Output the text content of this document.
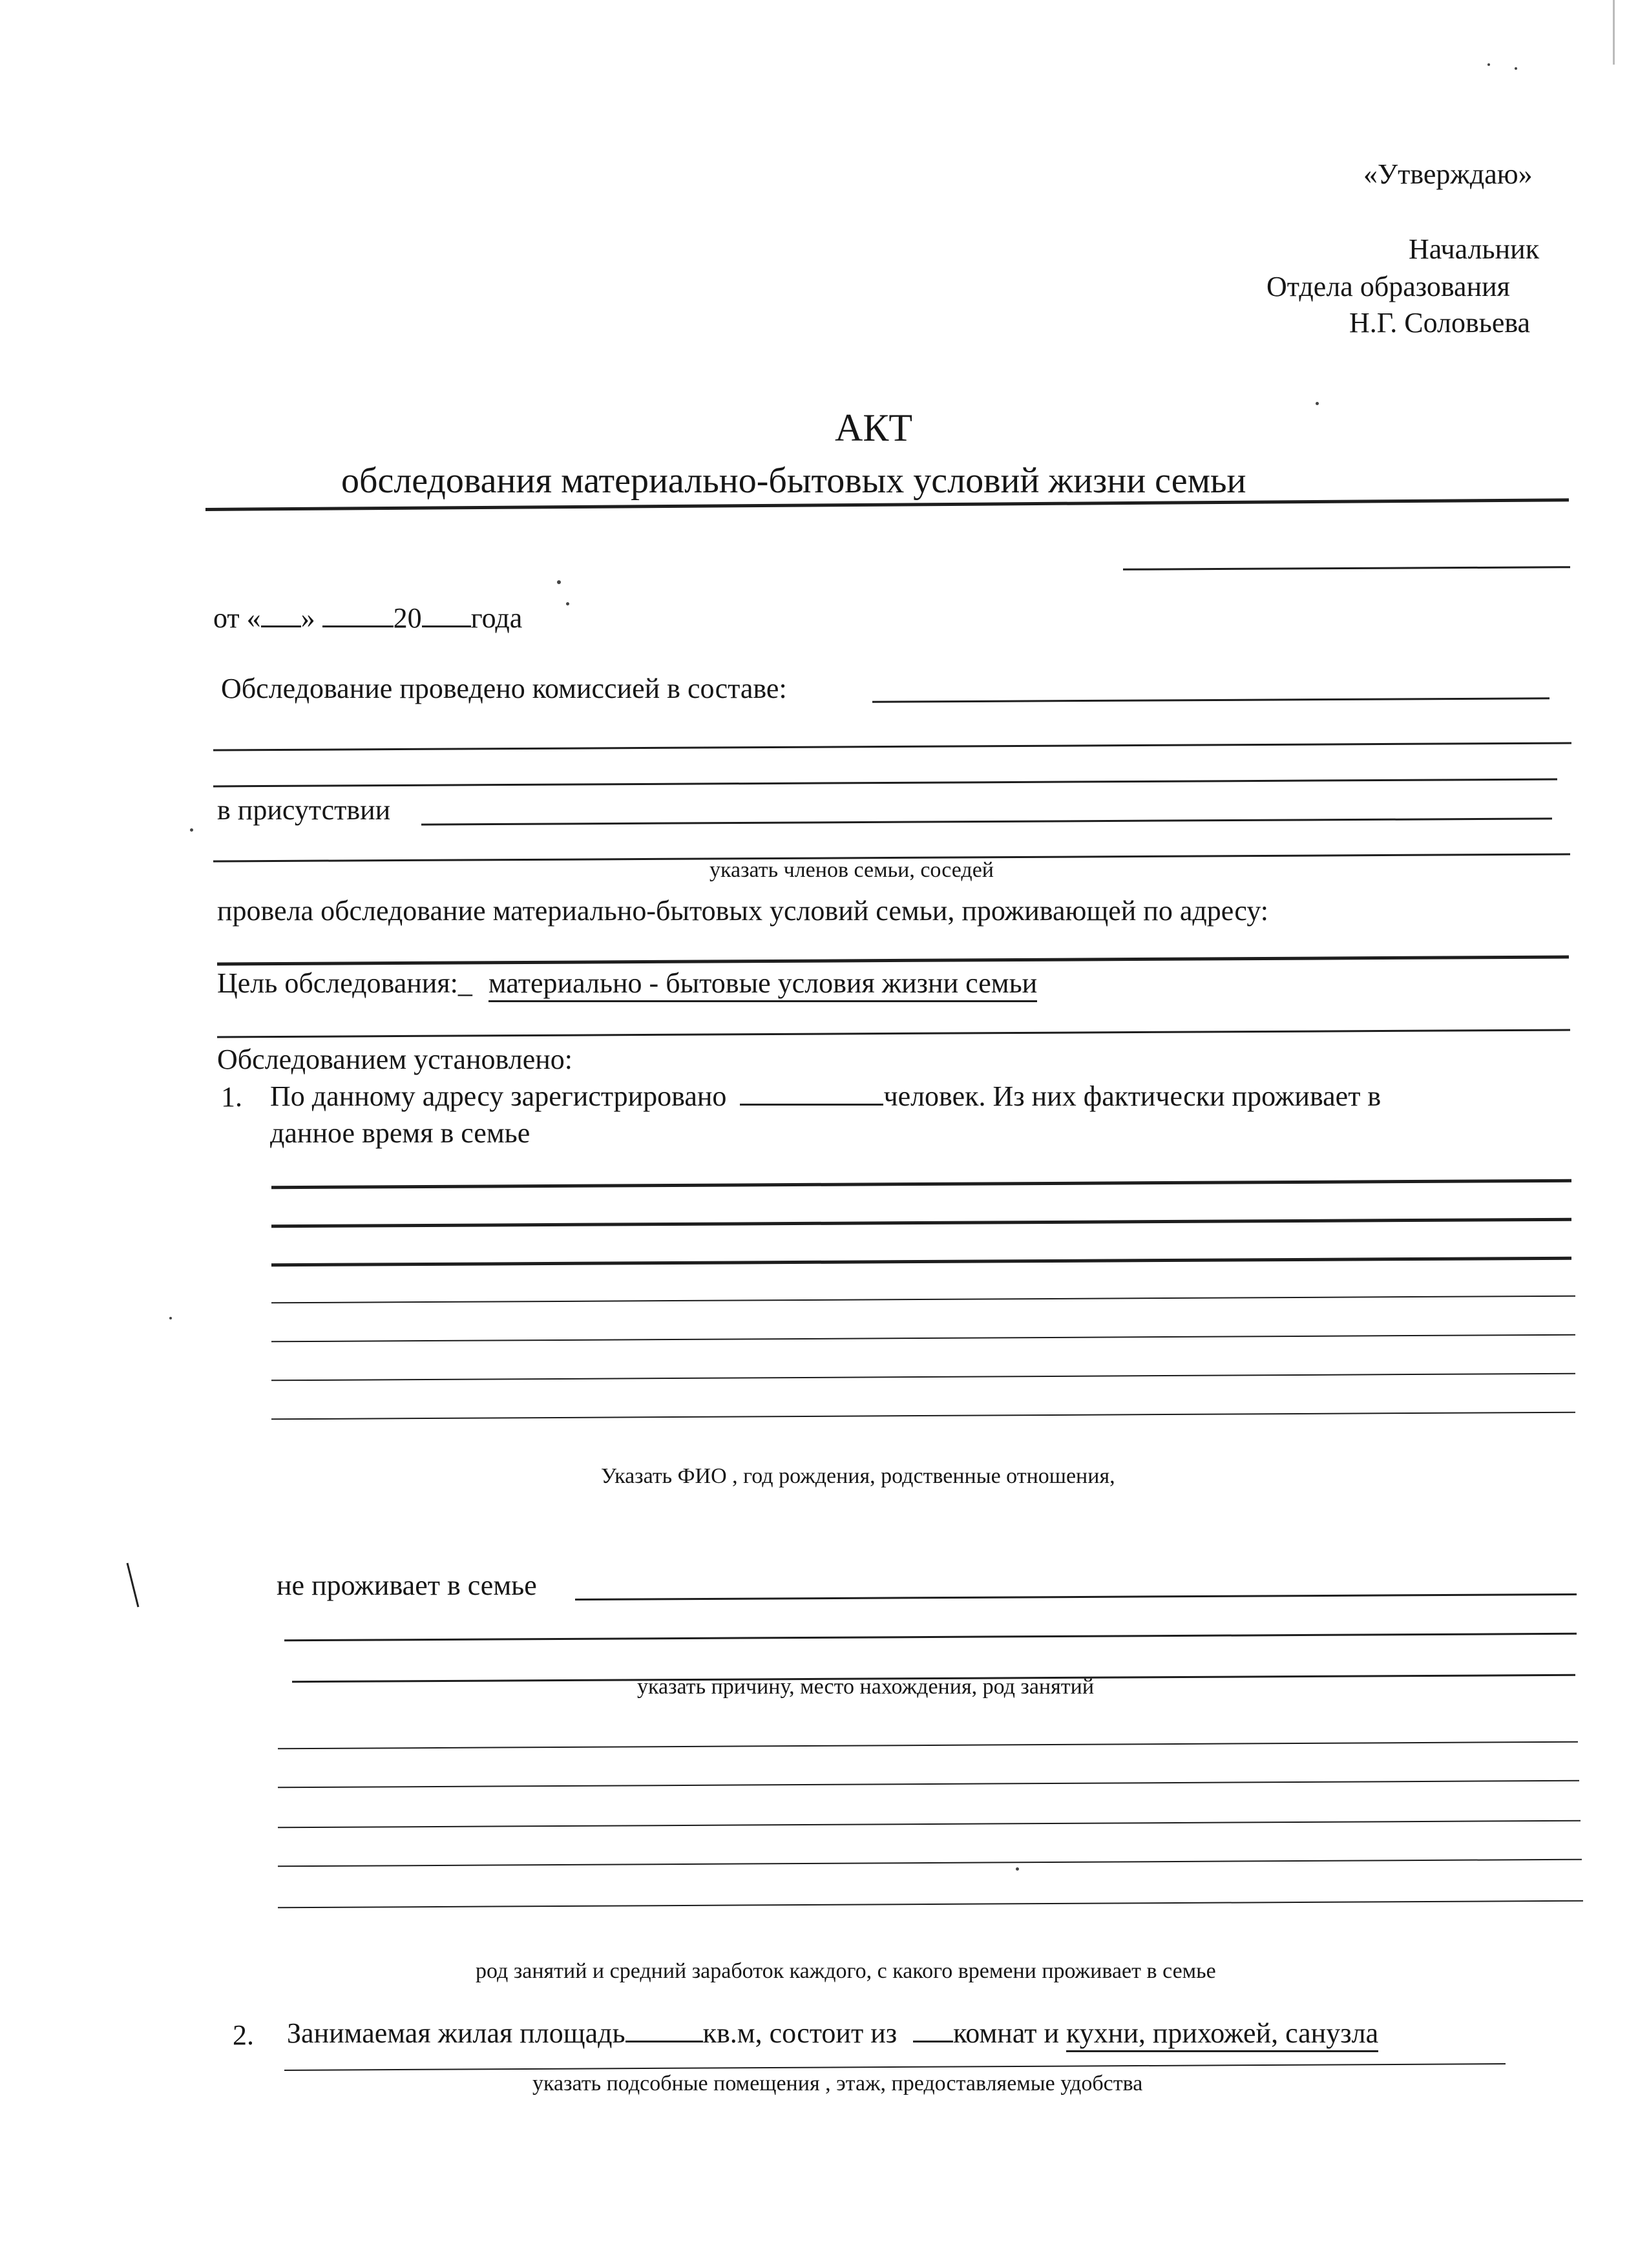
«Утверждаю»
Начальник
Отдела образования
Н.Г. Соловьева
АКТ
обследования материально-бытовых условий жизни семьи
от « »	20 года
Обследование проведено комиссией в составе:
в присутствии
указать членов семьи, соседей
провела обследование материально-бытовых условий семьи, проживающей по адресу:
Цель обследования:_ материально - бытовые условия жизни семьи
Обследованием установлено:
1. По данному адресу зарегистрировано	человек. Из них фактически проживает в
данное время в семье
Указать ФИО , год рождения, родственные отношения,
не проживает в семье
указать причину, место нахождения, род занятий
род занятий и средний заработок каждого, с какого времени проживает в семье
2. Занимаемая жилая площадь	кв.м, состоит из комнат и кухни, прихожей, санузла
указать подсобные помещения , этаж, предоставляемые удобства
